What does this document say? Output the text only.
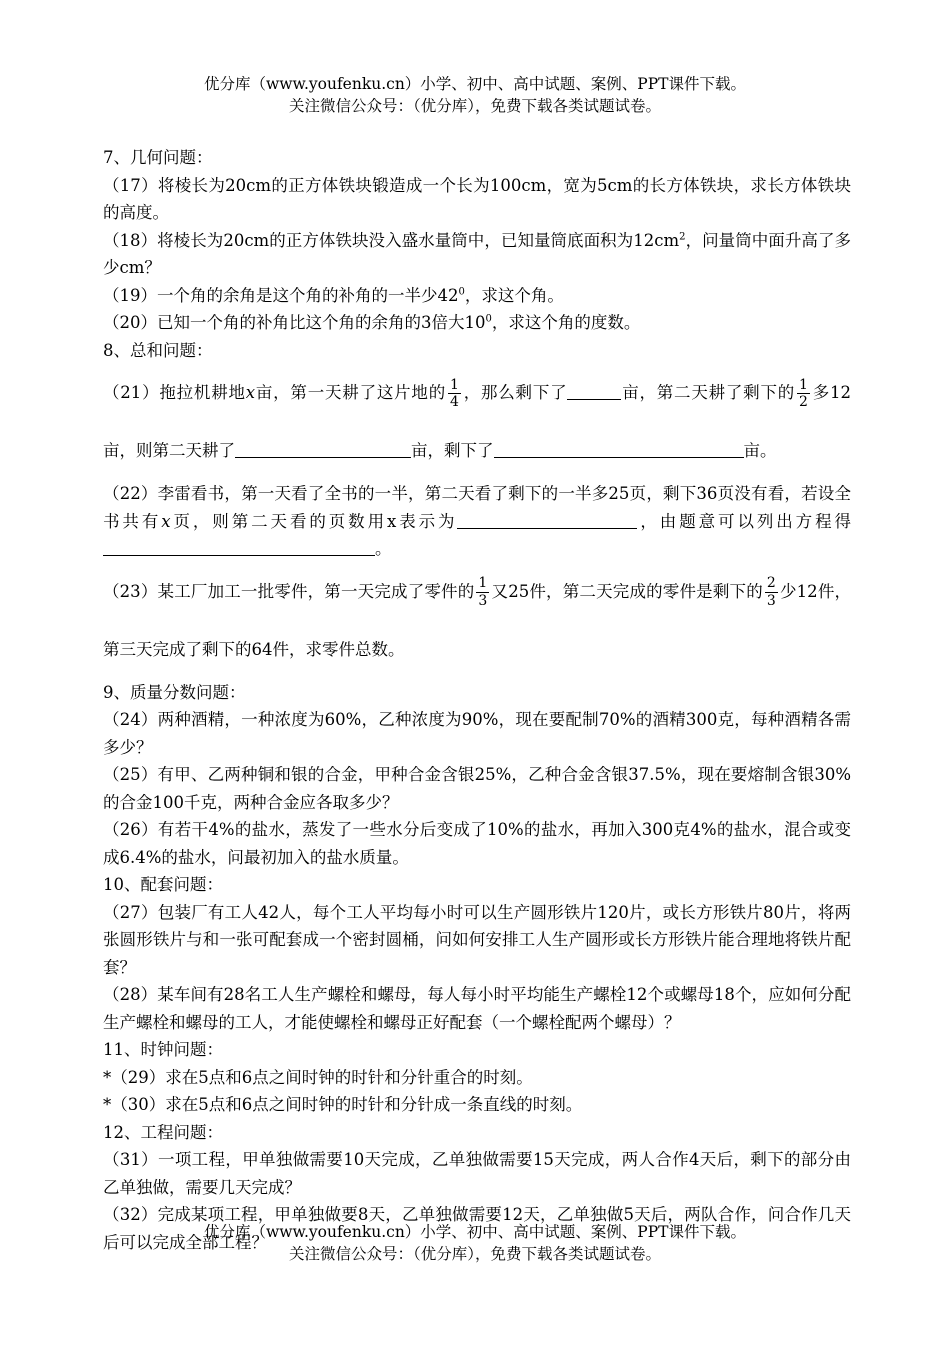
优分库（www.youfenku.cn）小学、初中、高中试题、案例、PPT课件下载。
关注微信公众号：（优分库），免费下载各类试题试卷。

7、几何问题：

（17）将棱长为20cm的正方体铁块锻造成一个长为100cm，宽为5cm的长方体铁块，求长方体铁块的高度。

（18）将棱长为20cm的正方体铁块没入盛水量筒中，已知量筒底面积为$12cm^2$，问量筒中面升高了多少cm？

（19）一个角的余角是这个角的补角的一半少$42^0$，求这个角。

（20）已知一个角的补角比这个角的余角的3倍大$10^0$，求这个角的度数。

8、总和问题：

（21）拖拉机耕地x亩，第一天耕了这片地的 $\frac{1}{4}$ ，那么剩下了	亩，第二天耕了剩下的 $\frac{1}{2}$ 多12亩，则第二天耕了	亩，剩下了	亩。

（22）李雷看书，第一天看了全书的一半，第二天看了剩下的一半多25页，剩下36页没有看，若设全书共有x页，则第二天看的页数用x表示为	，由题意可以列出方程得。

（23）某工厂加工一批零件，第一天完成了零件的 $\frac{1}{3}$ 又25件，第二天完成的零件是剩下的 $\frac{2}{3}$ 少12件，第三天完成了剩下的64件，求零件总数。

9、质量分数问题：

（24）两种酒精，一种浓度为60%，乙种浓度为90%，现在要配制70%的酒精300克，每种酒精各需多少？

（25）有甲、乙两种铜和银的合金，甲种合金含银25%，乙种合金含银37.5%，现在要熔制含银30%的合金100千克，两种合金应各取多少？

（26）有若干4%的盐水，蒸发了一些水分后变成了10%的盐水，再加入300克4%的盐水，混合或变成6.4%的盐水，问最初加入的盐水质量。

10、配套问题：

（27）包装厂有工人42人，每个工人平均每小时可以生产圆形铁片120片，或长方形铁片80片，将两张圆形铁片与和一张可配套成一个密封圆桶，问如何安排工人生产圆形或长方形铁片能合理地将铁片配套？

（28）某车间有28名工人生产螺栓和螺母，每人每小时平均能生产螺栓12个或螺母18个，应如何分配生产螺栓和螺母的工人，才能使螺栓和螺母正好配套（一个螺栓配两个螺母）？

11、时钟问题：

*（29）求在5点和6点之间时钟的时针和分针重合的时刻。

*（30）求在5点和6点之间时钟的时针和分针成一条直线的时刻。

12、工程问题：

（31）一项工程，甲单独做需要10天完成，乙单独做需要15天完成，两人合作4天后，剩下的部分由乙单独做，需要几天完成？

（32）完成某项工程，甲单独做要8天，乙单独做需要12天，乙单独做5天后，两队合作，问合作几天后可以完成全部工程？

优分库（www.youfenku.cn）小学、初中、高中试题、案例、PPT课件下载。
关注微信公众号：（优分库），免费下载各类试题试卷。
